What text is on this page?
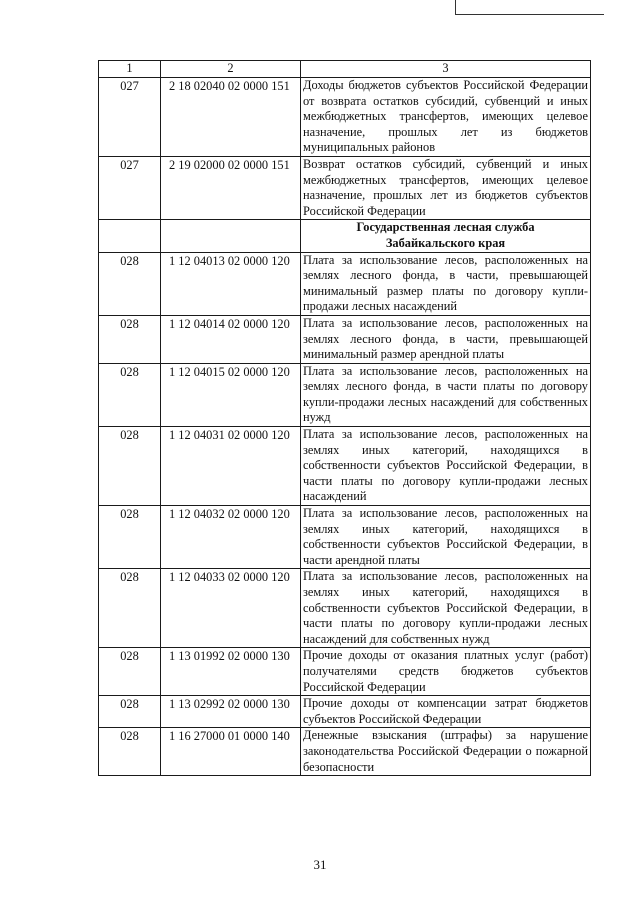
1	2	3
027	2 18 02040 02 0000 151	Доходы бюджетов субъектов Российской Федерации от возврата остатков субсидий, субвенций и иных межбюджетных трансфертов, имеющих целевое назначение, прошлых лет из бюджетов муниципальных районов
027	2 19 02000 02 0000 151	Возврат остатков субсидий, субвенций и иных межбюджетных трансфертов, имеющих целевое назначение, прошлых лет из бюджетов субъектов Российской Федерации

		Государственная лесная служба
Забайкальского края

028	1 12 04013 02 0000 120	Плата за использование лесов, расположенных на землях лесного фонда, в части, превышающей минимальный размер платы по договору купли-продажи лесных насаждений
028	1 12 04014 02 0000 120	Плата за использование лесов, расположенных на землях лесного фонда, в части, превышающей минимальный размер арендной платы
028	1 12 04015 02 0000 120	Плата за использование лесов, расположенных на землях лесного фонда, в части платы по договору купли-продажи лесных насаждений для собственных нужд
028	1 12 04031 02 0000 120	Плата за использование лесов, расположенных на землях иных категорий, находящихся в собственности субъектов Российской Федерации, в части платы по договору купли-продажи лесных насаждений
028	1 12 04032 02 0000 120	Плата за использование лесов, расположенных на землях иных категорий, находящихся в собственности субъектов Российской Федерации, в части арендной платы
028	1 12 04033 02 0000 120	Плата за использование лесов, расположенных на землях иных категорий, находящихся в собственности субъектов Российской Федерации, в части платы по договору купли-продажи лесных насаждений для собственных нужд
028	1 13 01992 02 0000 130	Прочие доходы от оказания платных услуг (работ) получателями средств бюджетов субъектов Российской Федерации
028	1 13 02992 02 0000 130	Прочие доходы от компенсации затрат бюджетов субъектов Российской Федерации
028	1 16 27000 01 0000 140	Денежные взыскания (штрафы) за нарушение законодательства Российской Федерации о пожарной безопасности
31
